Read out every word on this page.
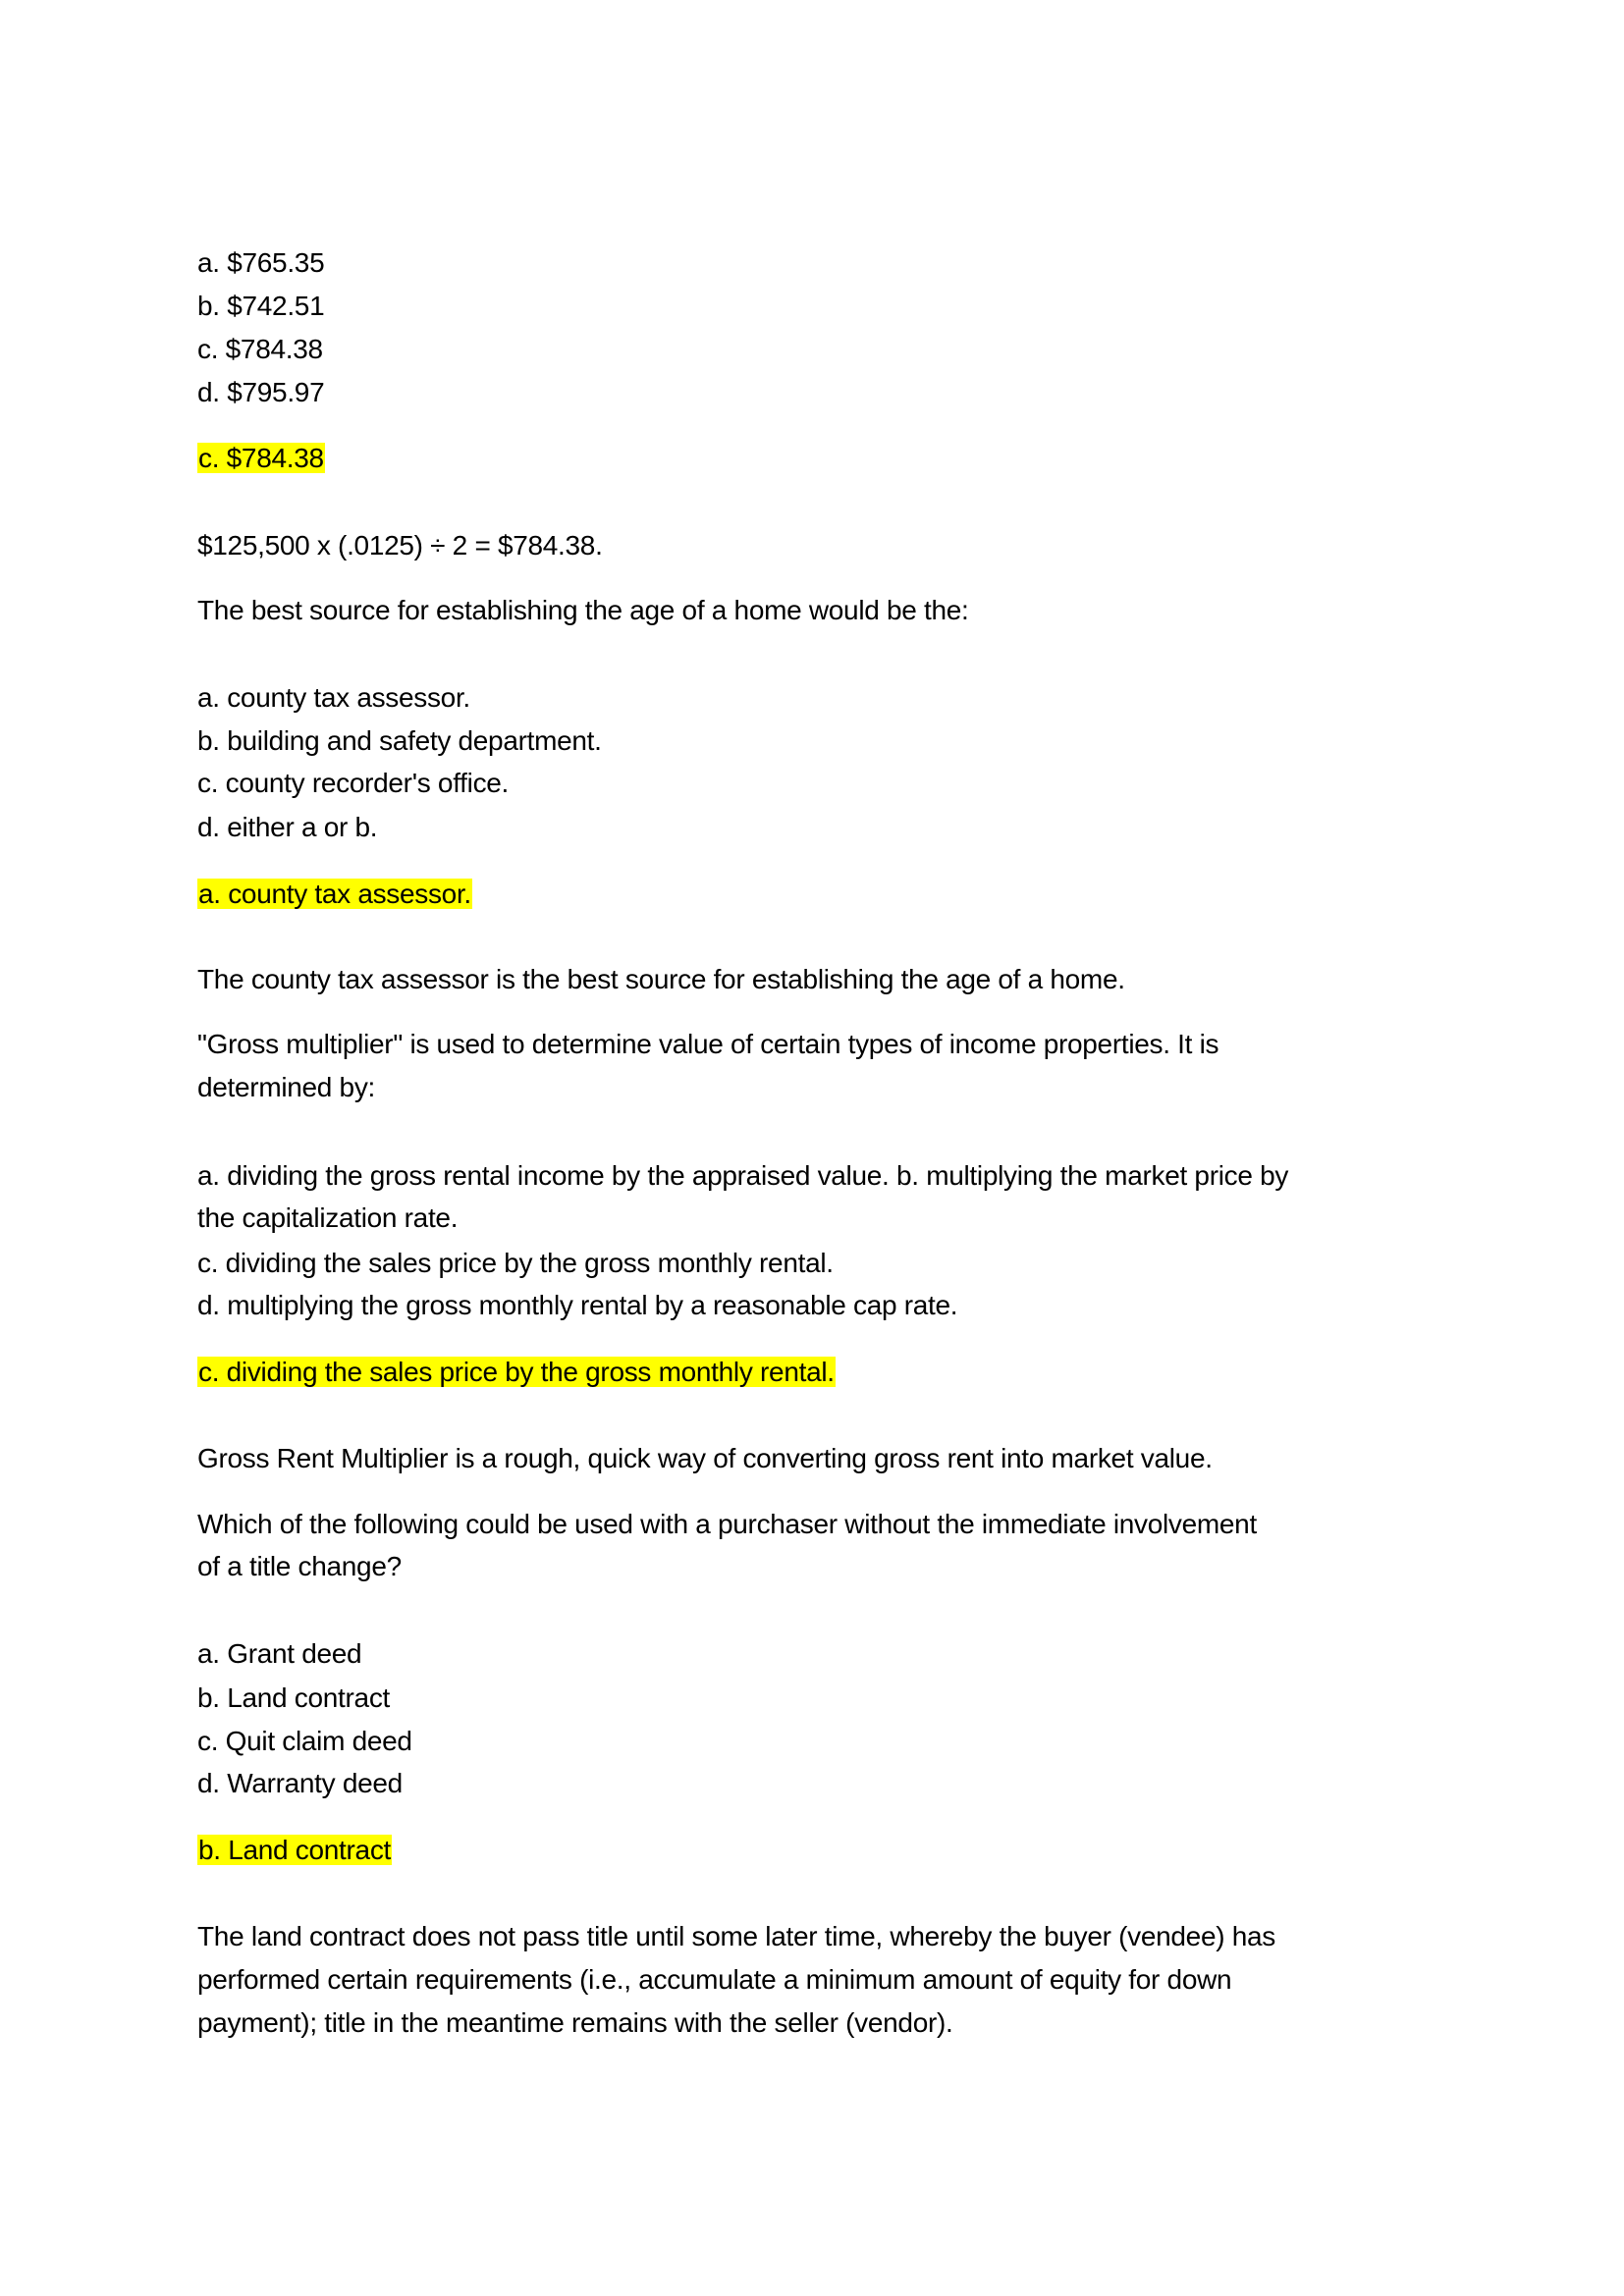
a. $765.35
b. $742.51
c. $784.38
d. $795.97
c. $784.38
$125,500 x (.0125) ÷ 2 = $784.38.
The best source for establishing the age of a home would be the:
a. county tax assessor.
b. building and safety department.
c. county recorder's office.
d. either a or b.
a. county tax assessor.
The county tax assessor is the best source for establishing the age of a home.
"Gross multiplier" is used to determine value of certain types of income properties. It is
determined by:
a. dividing the gross rental income by the appraised value. b. multiplying the market price by
the capitalization rate.
c. dividing the sales price by the gross monthly rental.
d. multiplying the gross monthly rental by a reasonable cap rate.
c. dividing the sales price by the gross monthly rental.
Gross Rent Multiplier is a rough, quick way of converting gross rent into market value.
Which of the following could be used with a purchaser without the immediate involvement
of a title change?
a. Grant deed
b. Land contract
c. Quit claim deed
d. Warranty deed
b. Land contract
The land contract does not pass title until some later time, whereby the buyer (vendee) has
performed certain requirements (i.e., accumulate a minimum amount of equity for down
payment); title in the meantime remains with the seller (vendor).
